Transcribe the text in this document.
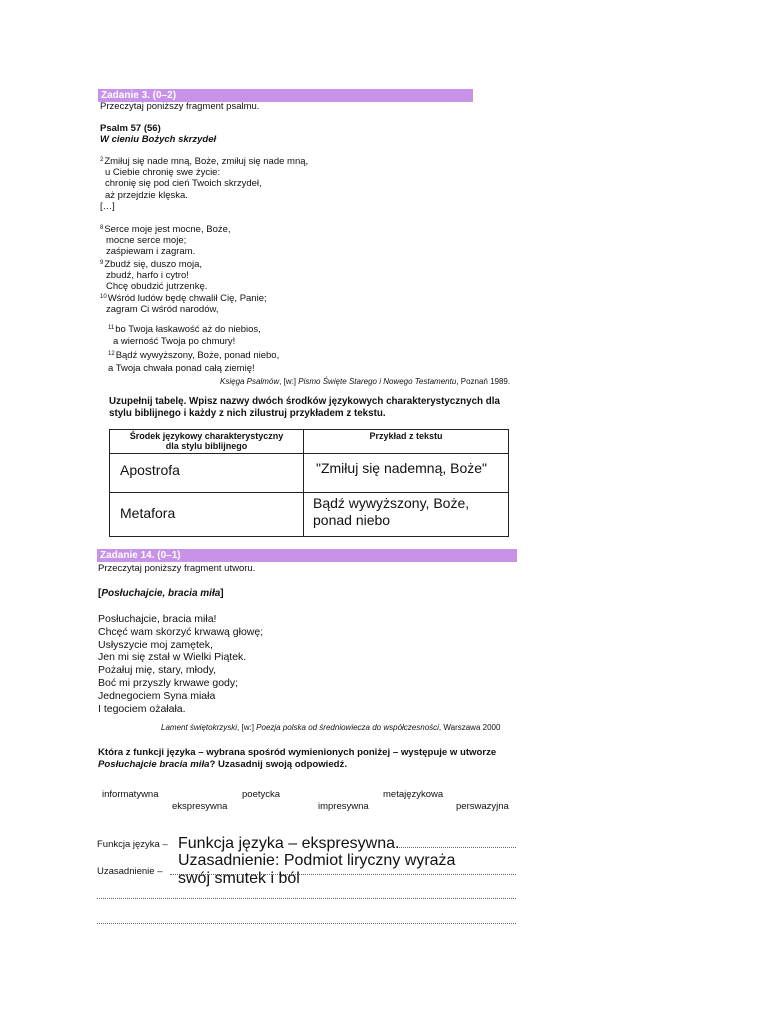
Zadanie 3. (0–2)
Przeczytaj poniższy fragment psalmu.
Psalm 57 (56)
W cieniu Bożych skrzydeł
$^2$Zmiłuj się nade mną, Boże, zmiłuj się nade mną,
u Ciebie chronię swe życie:
chronię się pod cień Twoich skrzydeł,
aż przejdzie klęska.
[…]
$^8$Serce moje jest mocne, Boże,
mocne serce moje;
zaśpiewam i zagram.
$^9$Zbudź się, duszo moja,
zbudź, harfo i cytro!
Chcę obudzić jutrzenkę.
$^{10}$Wśród ludów będę chwalił Cię, Panie;
zagram Ci wśród narodów,
$^{11}$bo Twoja łaskawość aż do niebios,
a wierność Twoja po chmury!
$^{12}$Bądź wywyższony, Boże, ponad niebo,
a Twoja chwała ponad całą ziemię!
Księga Psalmów, [w:] Pismo Święte Starego i Nowego Testamentu, Poznań 1989.
Uzupełnij tabelę. Wpisz nazwy dwóch środków językowych charakterystycznych dla
stylu biblijnego i każdy z nich zilustruj przykładem z tekstu.
Środek językowy charakterystyczny
dla stylu biblijnego	Przykład z tekstu
Apostrofa	"Zmiłuj się nademną, Boże"
Metafora	Bądź wywyższony, Boże,
ponad niebo
Zadanie 14. (0–1)
Przeczytaj poniższy fragment utworu.
[Posłuchajcie, bracia miła]
Posłuchajcie, bracia miła!
Chcęć wam skorzyć krwawą głowę;
Usłyszycie moj zamętek,
Jen mi się zstał w Wielki Piątek.
Pożałuj mię, stary, młody,
Boć mi przyszly krwawe gody;
Jednegociem Syna miała
I tegociem ożałała.
Lament świętokrzyski, [w:] Poezja polska od średniowiecza do współczesności, Warszawa 2000
Która z funkcji języka – wybrana spośród wymienionych poniżej – występuje w utworze
Posłuchajcie bracia miła? Uzasadnij swoją odpowiedź.
informatywna
ekspresywna
poetycka
impresywna
metajęzykowa
perswazyjna
Funkcja języka –
Uzasadnienie –
Funkcja języka – ekspresywna.
Uzasadnienie: Podmiot liryczny wyraża
swój smutek i ból
